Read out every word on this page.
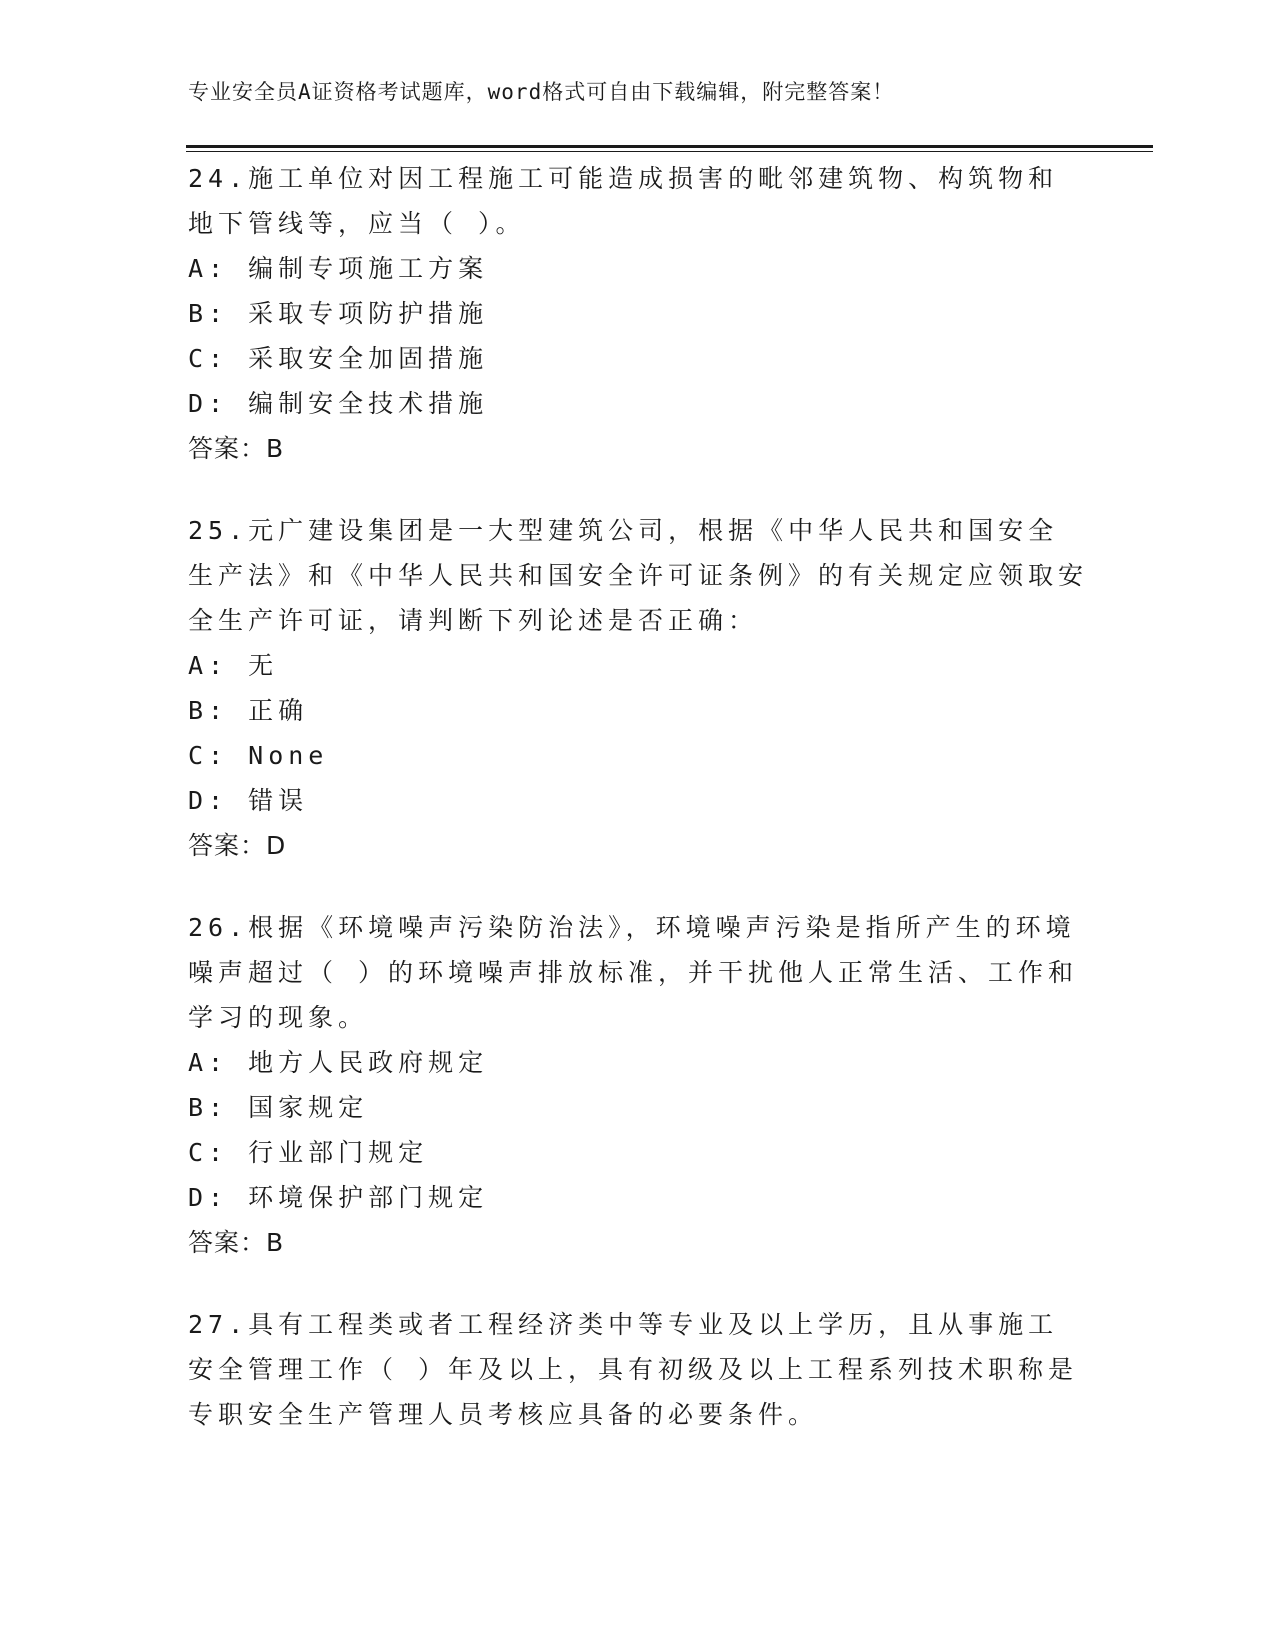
专业安全员A证资格考试题库，word格式可自由下载编辑，附完整答案！

24.施工单位对因工程施工可能造成损害的毗邻建筑物、构筑物和地下管线等，应当（ ）。

A: 编制专项施工方案

B: 采取专项防护措施

C: 采取安全加固措施

D: 编制安全技术措施

答案：B

25.元广建设集团是一大型建筑公司，根据《中华人民共和国安全生产法》和《中华人民共和国安全许可证条例》的有关规定应领取安全生产许可证，请判断下列论述是否正确：

A: 无

B: 正确

C: None

D: 错误

答案：D

26.根据《环境噪声污染防治法》，环境噪声污染是指所产生的环境噪声超过（ ）的环境噪声排放标准，并干扰他人正常生活、工作和学习的现象。

A: 地方人民政府规定

B: 国家规定

C: 行业部门规定

D: 环境保护部门规定

答案：B

27.具有工程类或者工程经济类中等专业及以上学历，且从事施工安全管理工作（ ）年及以上，具有初级及以上工程系列技术职称是专职安全生产管理人员考核应具备的必要条件。
